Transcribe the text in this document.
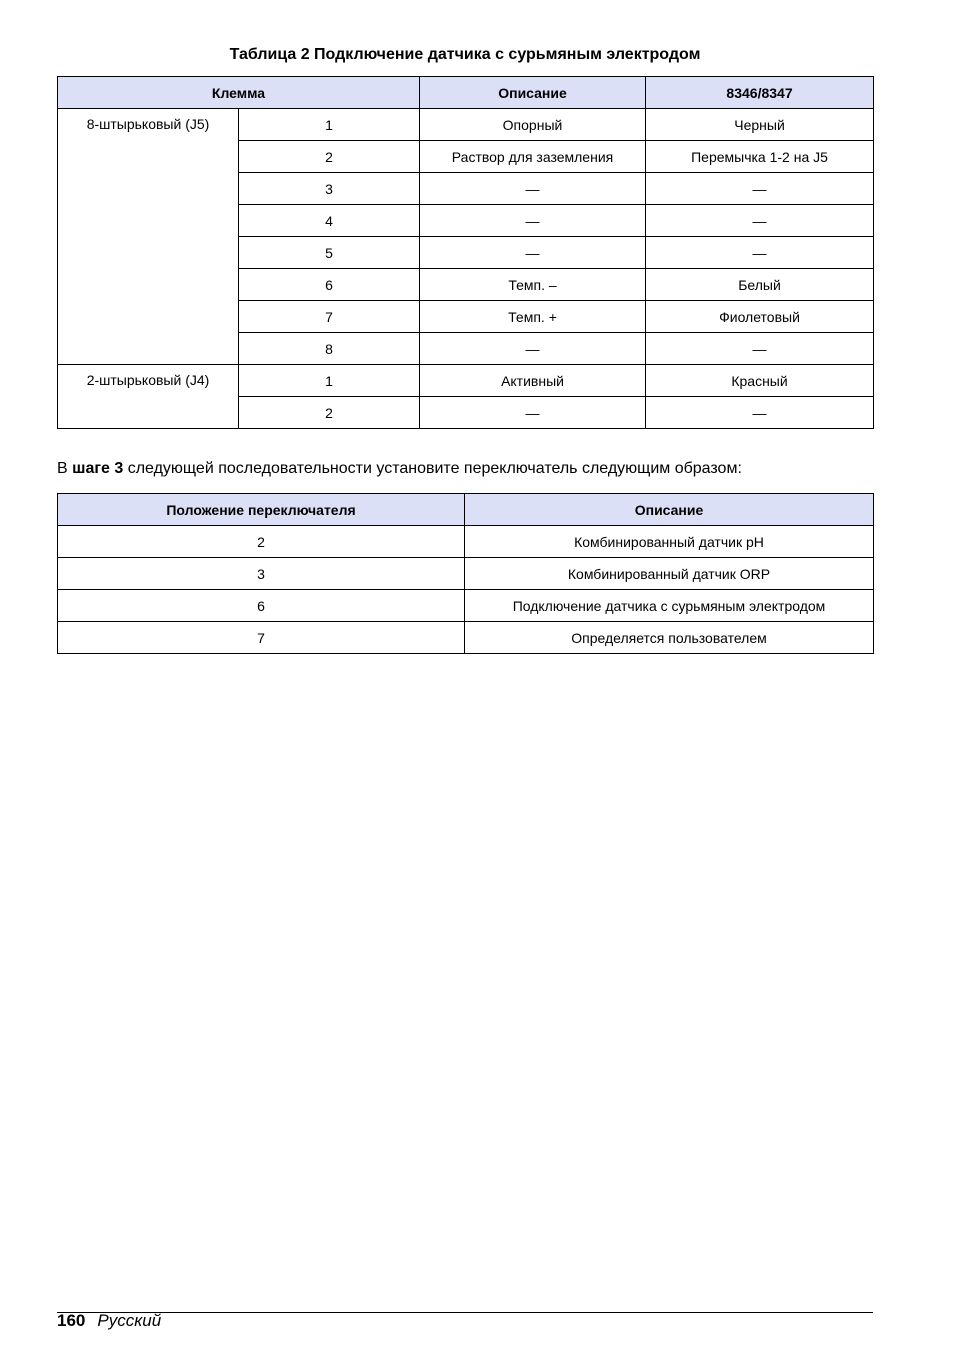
Таблица 2 Подключение датчика с сурьмяным электродом
Клемма		Описание	8346/8347
8-штырьковый (J5)	1	Опорный	Черный
	2	Раствор для заземления	Перемычка 1-2 на J5
	3	—	—
	4	—	—
	5	—	—
	6	Темп. –	Белый
	7	Темп. +	Фиолетовый
	8	—	—
2-штырьковый (J4)	1	Активный	Красный
	2	—	—
В шаге 3 следующей последовательности установите переключатель следующим образом:
Положение переключателя	Описание
2	Комбинированный датчик pH
3	Комбинированный датчик ORP
6	Подключение датчика с сурьмяным электродом
7	Определяется пользователем
160 Русский
